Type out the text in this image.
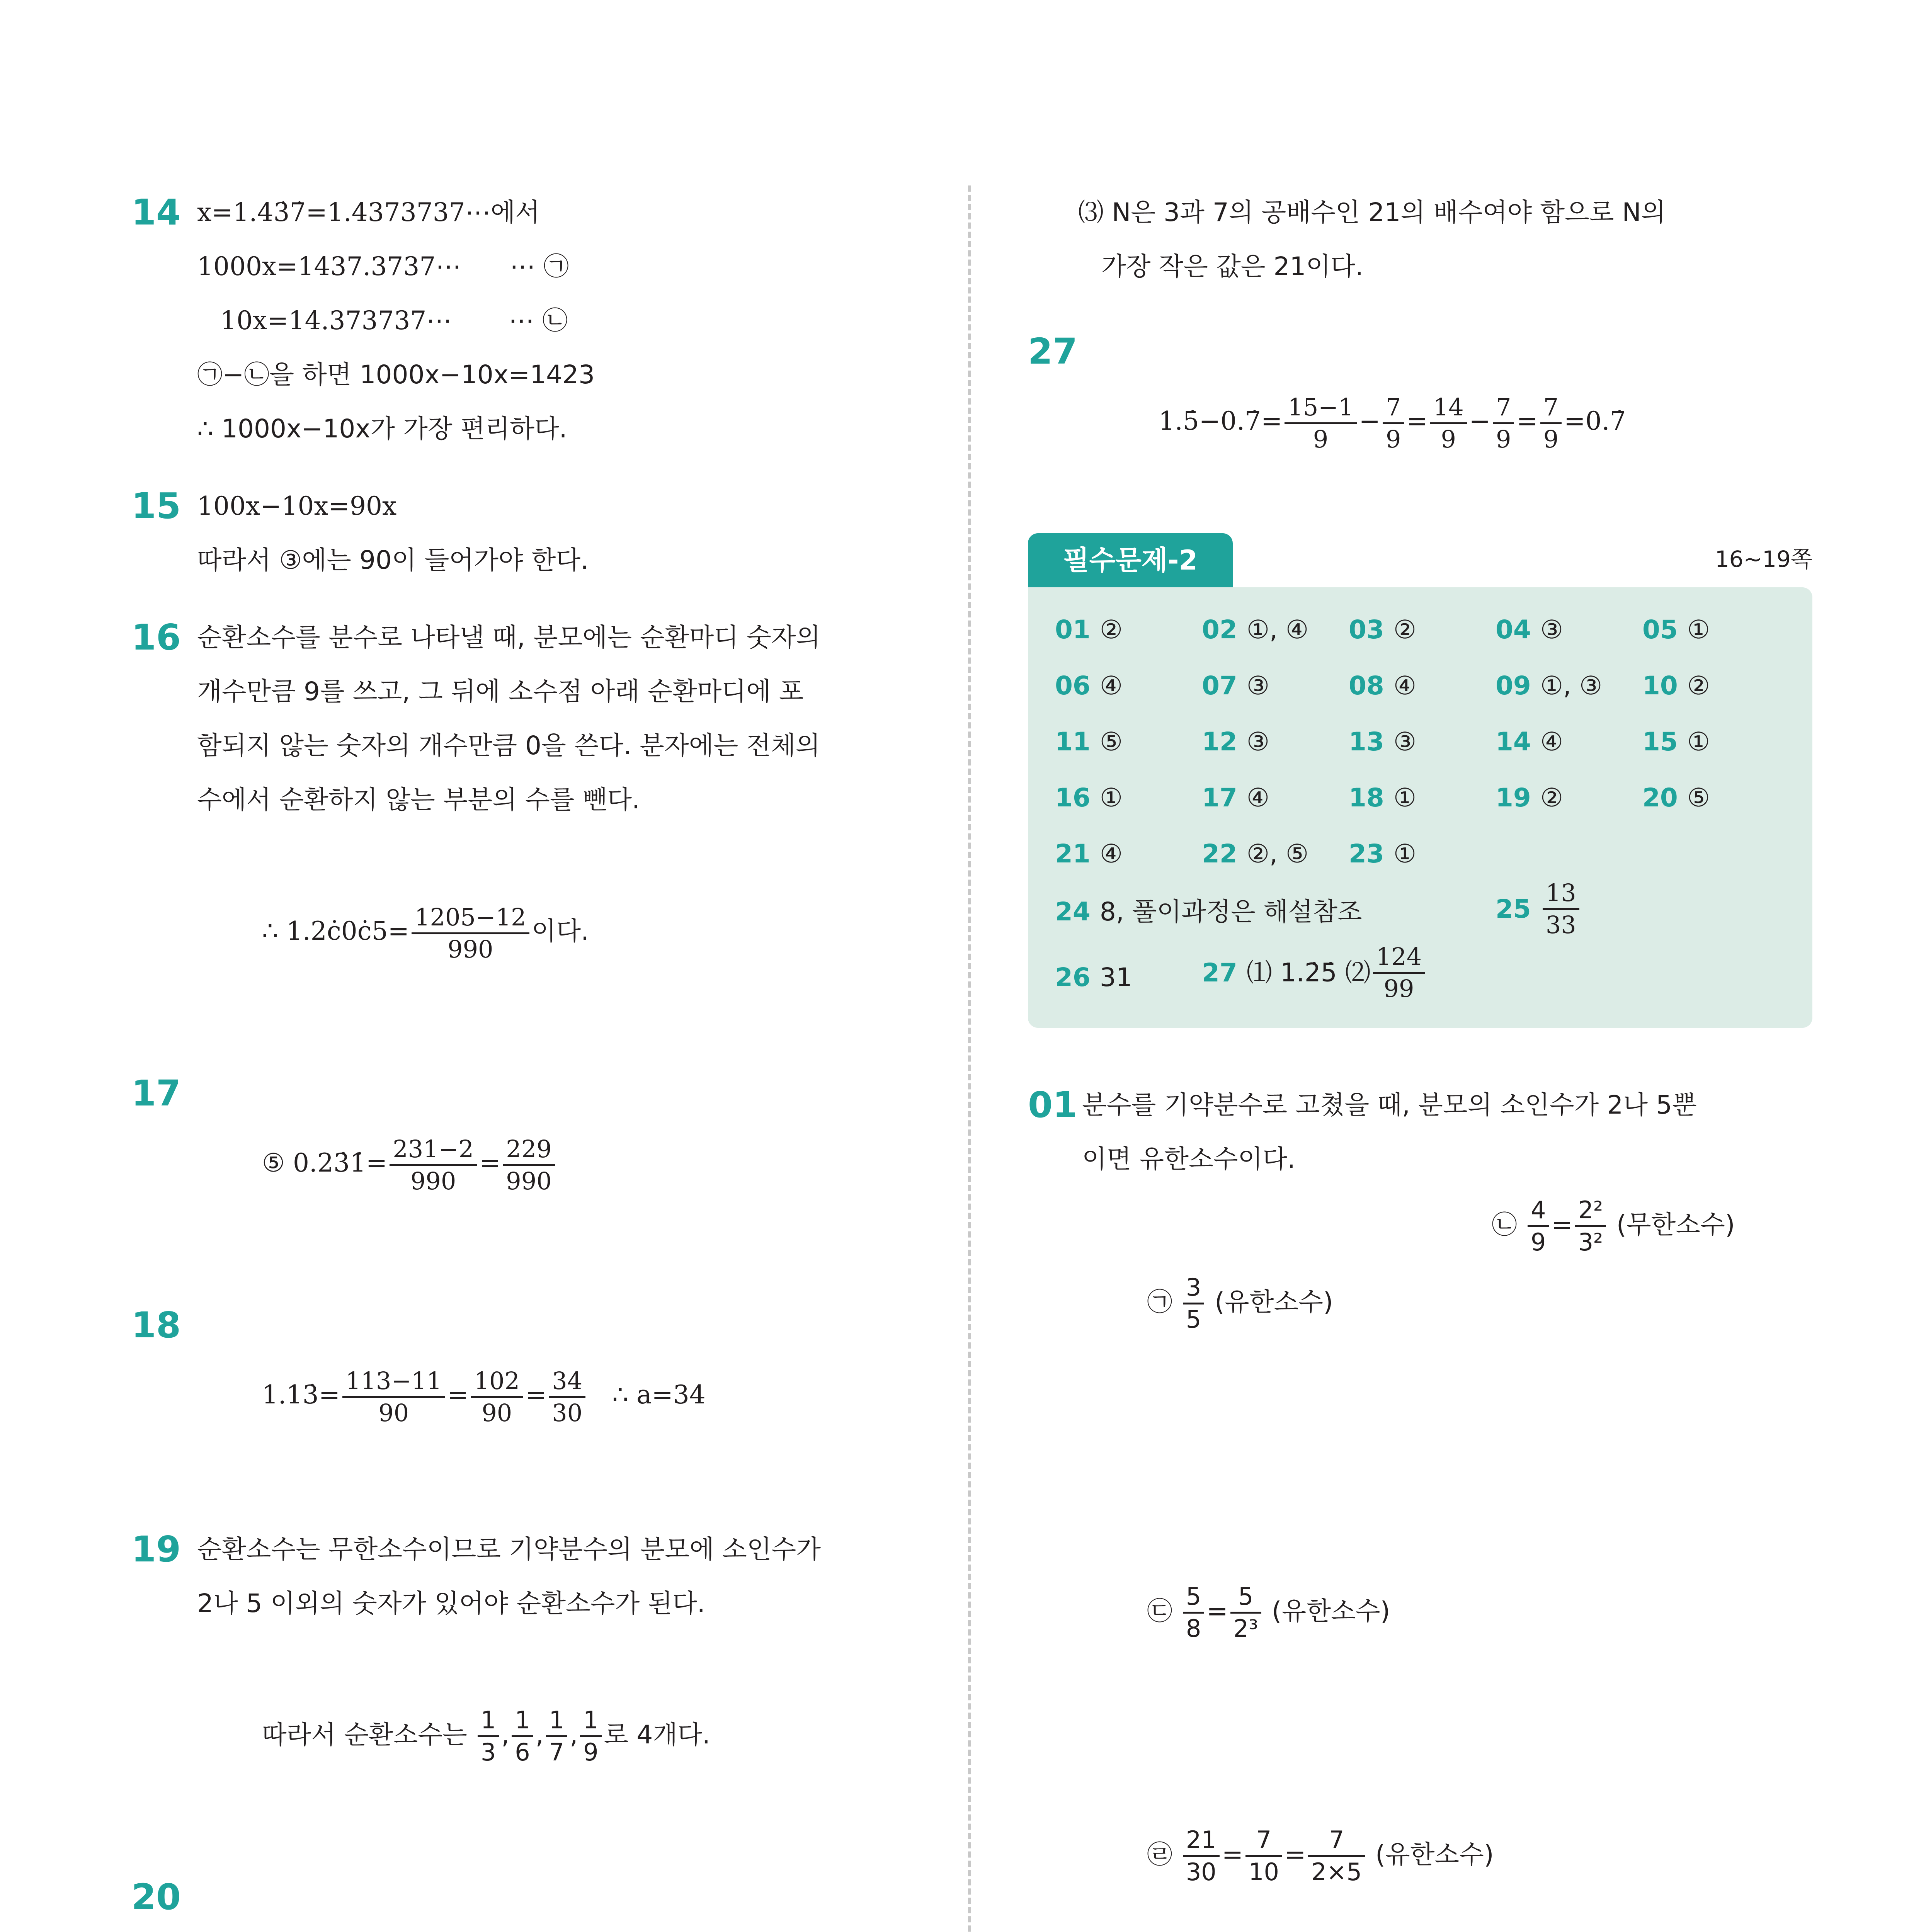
14 x=1.43̇7̇=1.4373737⋯에서
1000x=1437.3737⋯      ⋯ ㉠
10x=14.373737⋯       ⋯ ㉡
㉠−㉡을 하면 1000x−10x=1423
∴ 1000x−10x가 가장 편리하다.
15 100x−10x=90x
따라서 ③에는 90이 들어가야 한다.
16 순환소수를 분수로 나타낼 때, 분모에는 순환마디 숫자의
개수만큼 9를 쓰고, 그 뒤에 소수점 아래 순환마디에 포
함되지 않는 숫자의 개수만큼 0을 쓴다. 분자에는 전체의
수에서 순환하지 않는 부분의 수를 뺀다.

∴ 1.2ċ0ċ5= $\frac{1205-12}{990}$ 이다.

17

⑤ 0.23̇1̇= $\frac{231-2}{990} = \frac{229}{990}$

18

1.13̇= $\frac{113-11}{90} = \frac{102}{90} = \frac{34}{30}$ ∴ a=34

19 순환소수는 무한소수이므로 기약분수의 분모에 소인수가
2나 5 이외의 숫자가 있어야 순환소수가 된다.

따라서 순환소수는 $\frac{1}{3}$ , $\frac{1}{6}$ , $\frac{1}{7}$ , $\frac{1}{9}$ 로 4개다.

20

⑶ N은 3과 7의 공배수인 21의 배수여야 함으로 N의
가장 작은 값은 21이다.
27

1.5̇−0.7̇= $\frac{15-1}{9} - \frac{7}{9} = \frac{14}{9} - \frac{7}{9} = \frac{7}{9}$ =0.7̇

필수문제-2	16~19쪽
01 ②	02 ①, ④ 03 ②	04 ③	05 ①
06 ④	07 ③	08 ④	09 ①, ③ 10 ②
11 ⑤	12 ③	13 ③	14 ④	15 ①
16 ①	17 ④	18 ①	19 ②	20 ⑤
21 ④	22 ②, ⑤ 23 ①
24 8, 풀이과정은 해설참조	$25 \frac{13}{33}$
26 31	27 ⑴ 1.2̇5̇ ⑵ $\frac{124}{99}$
01 분수를 기약분수로 고쳤을 때, 분모의 소인수가 2나 5뿐
이면 유한소수이다.

㉠ $\frac{3}{5}$ (유한소수)

㉡ $\frac{4}{9} = \frac{\text{2²}}{\text{3²}}$ (무한소수)

㉢ $\frac{5}{8} = \frac{5}{\text{2³}}$ (유한소수)

㉣ $\frac{21}{30} = \frac{7}{10} = \frac{7}{2\times 5}$ (유한소수)
